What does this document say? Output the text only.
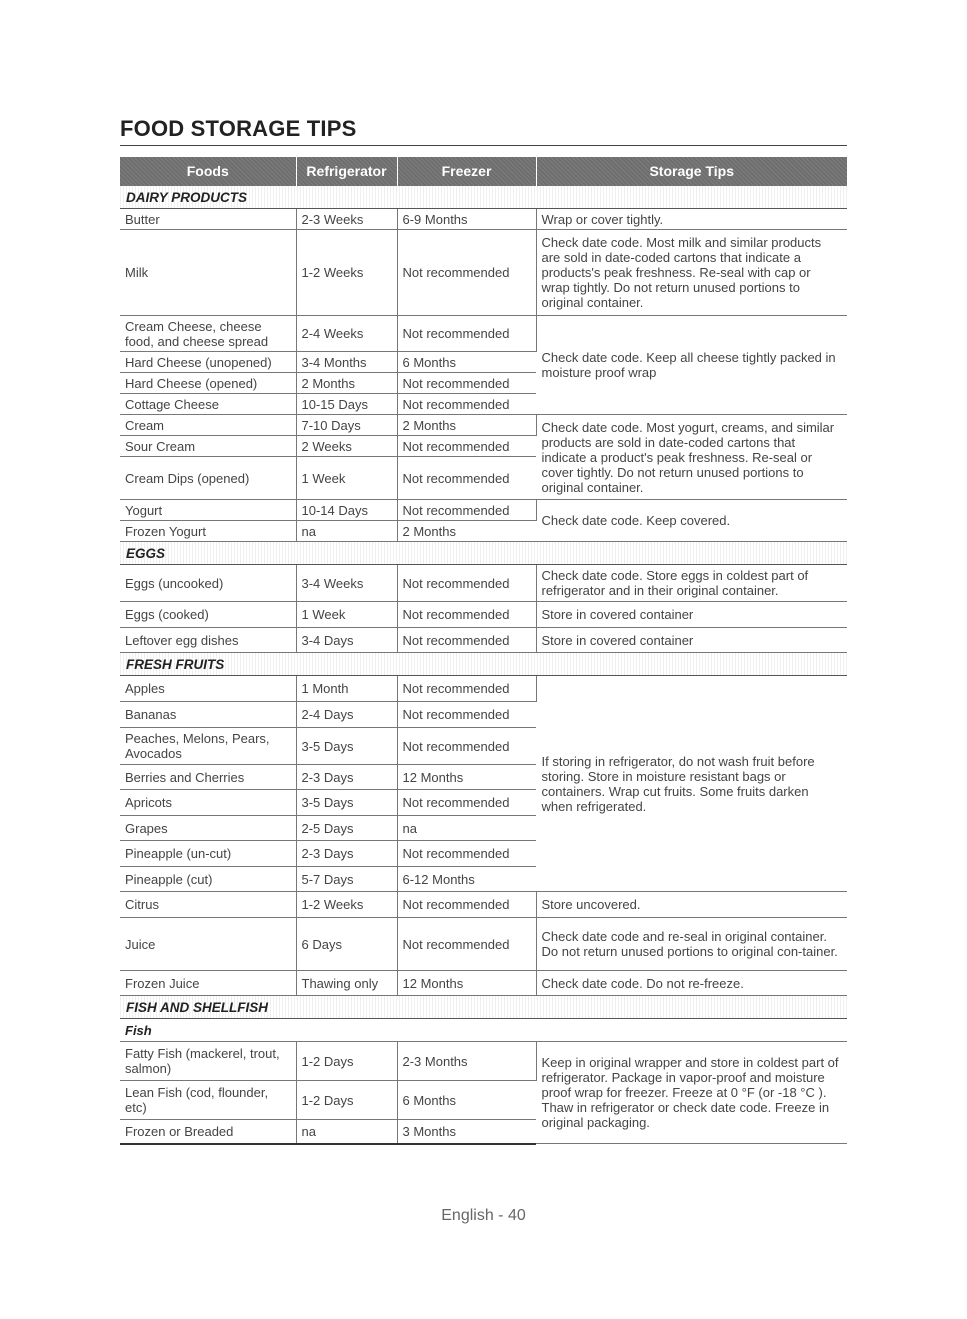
FOOD STORAGE TIPS
Foods	Refrigerator	Freezer	Storage Tips
DAIRY PRODUCTS			
Butter	2-3 Weeks	6-9 Months	Wrap or cover tightly.
Milk	1-2 Weeks	Not recommended	Check date code. Most milk and similar products are sold in date-coded cartons that indicate a products's peak freshness. Re-seal with cap or wrap tightly. Do not return unused portions to original container.
Cream Cheese, cheese food, and cheese spread	2-4 Weeks	Not recommended	Check date code. Keep all cheese tightly packed in moisture proof wrap
Hard Cheese (unopened)	3-4 Months	6 Months	
Hard Cheese (opened)	2 Months	Not recommended	
Cottage Cheese	10-15 Days	Not recommended	
Cream	7-10 Days	2 Months	Check date code. Most yogurt, creams, and similar products are sold in date-coded cartons that indicate a product's peak freshness. Re-seal or cover tightly. Do not return unused portions to original container.
Sour Cream	2 Weeks	Not recommended	
Cream Dips (opened)	1 Week	Not recommended	
Yogurt	10-14 Days	Not recommended	Check date code. Keep covered.
Frozen Yogurt	na	2 Months	
EGGS			
Eggs (uncooked)	3-4 Weeks	Not recommended	Check date code. Store eggs in coldest part of refrigerator and in their original container.
Eggs (cooked)	1 Week	Not recommended	Store in covered container
Leftover egg dishes	3-4 Days	Not recommended	Store in covered container
FRESH FRUITS			
Apples	1 Month	Not recommended	If storing in refrigerator, do not wash fruit before storing. Store in moisture resistant bags or containers. Wrap cut fruits. Some fruits darken when refrigerated.
Bananas	2-4 Days	Not recommended	
Peaches, Melons, Pears, Avocados	3-5 Days	Not recommended	
Berries and Cherries	2-3 Days	12 Months	
Apricots	3-5 Days	Not recommended	
Grapes	2-5 Days	na	
Pineapple (un-cut)	2-3 Days	Not recommended	
Pineapple (cut)	5-7 Days	6-12 Months	
Citrus	1-2 Weeks	Not recommended	Store uncovered.
Juice	6 Days	Not recommended	Check date code and re-seal in original container. Do not return unused portions to original con-tainer.
Frozen Juice	Thawing only	12 Months	Check date code. Do not re-freeze.
FISH AND SHELLFISH			
Fish			
Fatty Fish (mackerel, trout, salmon)	1-2 Days	2-3 Months	Keep in original wrapper and store in coldest part of refrigerator. Package in vapor-proof and moisture proof wrap for freezer. Freeze at 0 °F (or -18 °C ). Thaw in refrigerator or check date code. Freeze in original packaging.
Lean Fish (cod, flounder, etc)	1-2 Days	6 Months	
Frozen or Breaded	na	3 Months	
English - 40
